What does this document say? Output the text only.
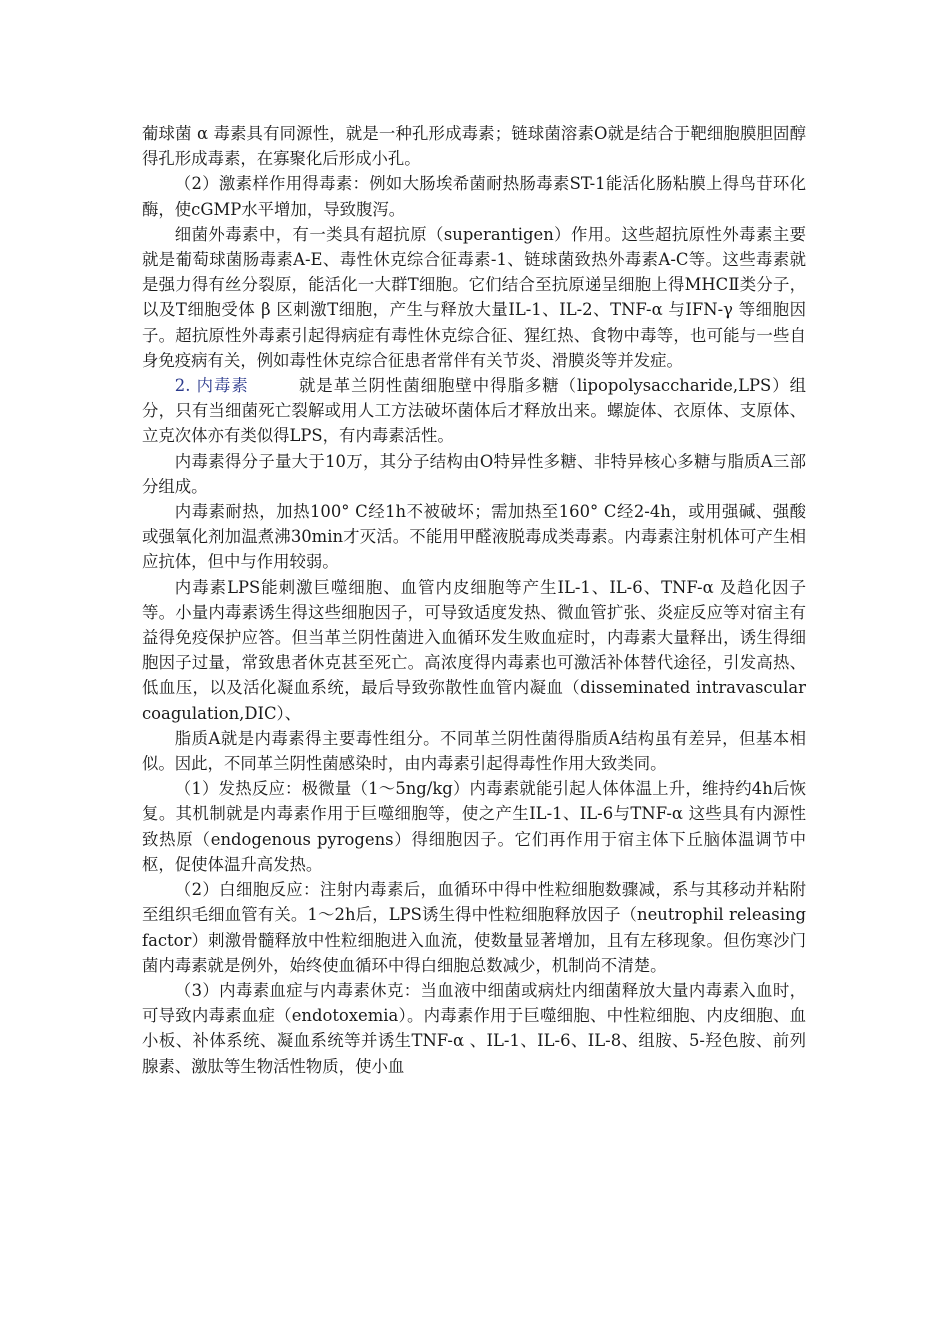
葡球菌 α 毒素具有同源性，就是一种孔形成毒素；链球菌溶素O就是结合于靶细胞膜胆固醇得孔形成毒素，在寡聚化后形成小孔。

（2）激素样作用得毒素：例如大肠埃希菌耐热肠毒素ST-1能活化肠粘膜上得鸟苷环化酶，使cGMP水平增加，导致腹泻。

细菌外毒素中，有一类具有超抗原（superantigen）作用。这些超抗原性外毒素主要就是葡萄球菌肠毒素A-E、毒性休克综合征毒素-1、链球菌致热外毒素A-C等。这些毒素就是强力得有丝分裂原，能活化一大群T细胞。它们结合至抗原递呈细胞上得MHCⅡ类分子，以及T细胞受体 β 区刺激T细胞，产生与释放大量IL-1、IL-2、TNF-α 与IFN-γ 等细胞因子。超抗原性外毒素引起得病症有毒性休克综合征、猩红热、食物中毒等，也可能与一些自身免疫病有关，例如毒性休克综合征患者常伴有关节炎、滑膜炎等并发症。

2. 内毒素	就是革兰阴性菌细胞壁中得脂多糖（lipopolysaccharide,LPS）组分，只有当细菌死亡裂解或用人工方法破坏菌体后才释放出来。螺旋体、衣原体、支原体、立克次体亦有类似得LPS，有内毒素活性。

内毒素得分子量大于10万，其分子结构由O特异性多糖、非特异核心多糖与脂质A三部分组成。

内毒素耐热，加热100° C经1h不被破坏；需加热至160° C经2-4h，或用强碱、强酸或强氧化剂加温煮沸30min才灭活。不能用甲醛液脱毒成类毒素。内毒素注射机体可产生相应抗体，但中与作用较弱。

内毒素LPS能刺激巨噬细胞、血管内皮细胞等产生IL-1、IL-6、TNF-α 及趋化因子等。小量内毒素诱生得这些细胞因子，可导致适度发热、微血管扩张、炎症反应等对宿主有益得免疫保护应答。但当革兰阴性菌进入血循环发生败血症时，内毒素大量释出，诱生得细胞因子过量，常致患者休克甚至死亡。高浓度得内毒素也可激活补体替代途径，引发高热、低血压，以及活化凝血系统，最后导致弥散性血管内凝血（disseminated intravascular coagulation,DIC）、

脂质A就是内毒素得主要毒性组分。不同革兰阴性菌得脂质A结构虽有差异，但基本相似。因此，不同革兰阴性菌感染时，由内毒素引起得毒性作用大致类同。

（1）发热反应：极微量（1～5ng/kg）内毒素就能引起人体体温上升，维持约4h后恢复。其机制就是内毒素作用于巨噬细胞等，使之产生IL-1、IL-6与TNF-α 这些具有内源性致热原（endogenous pyrogens）得细胞因子。它们再作用于宿主体下丘脑体温调节中枢，促使体温升高发热。

（2）白细胞反应：注射内毒素后，血循环中得中性粒细胞数骤减，系与其移动并粘附至组织毛细血管有关。1～2h后，LPS诱生得中性粒细胞释放因子（neutrophil releasing factor）刺激骨髓释放中性粒细胞进入血流，使数量显著增加，且有左移现象。但伤寒沙门菌内毒素就是例外，始终使血循环中得白细胞总数减少，机制尚不清楚。

（3）内毒素血症与内毒素休克：当血液中细菌或病灶内细菌释放大量内毒素入血时，可导致内毒素血症（endotoxemia）。内毒素作用于巨噬细胞、中性粒细胞、内皮细胞、血小板、补体系统、凝血系统等并诱生TNF-α 、IL-1、IL-6、IL-8、组胺、5-羟色胺、前列腺素、激肽等生物活性物质，使小血
